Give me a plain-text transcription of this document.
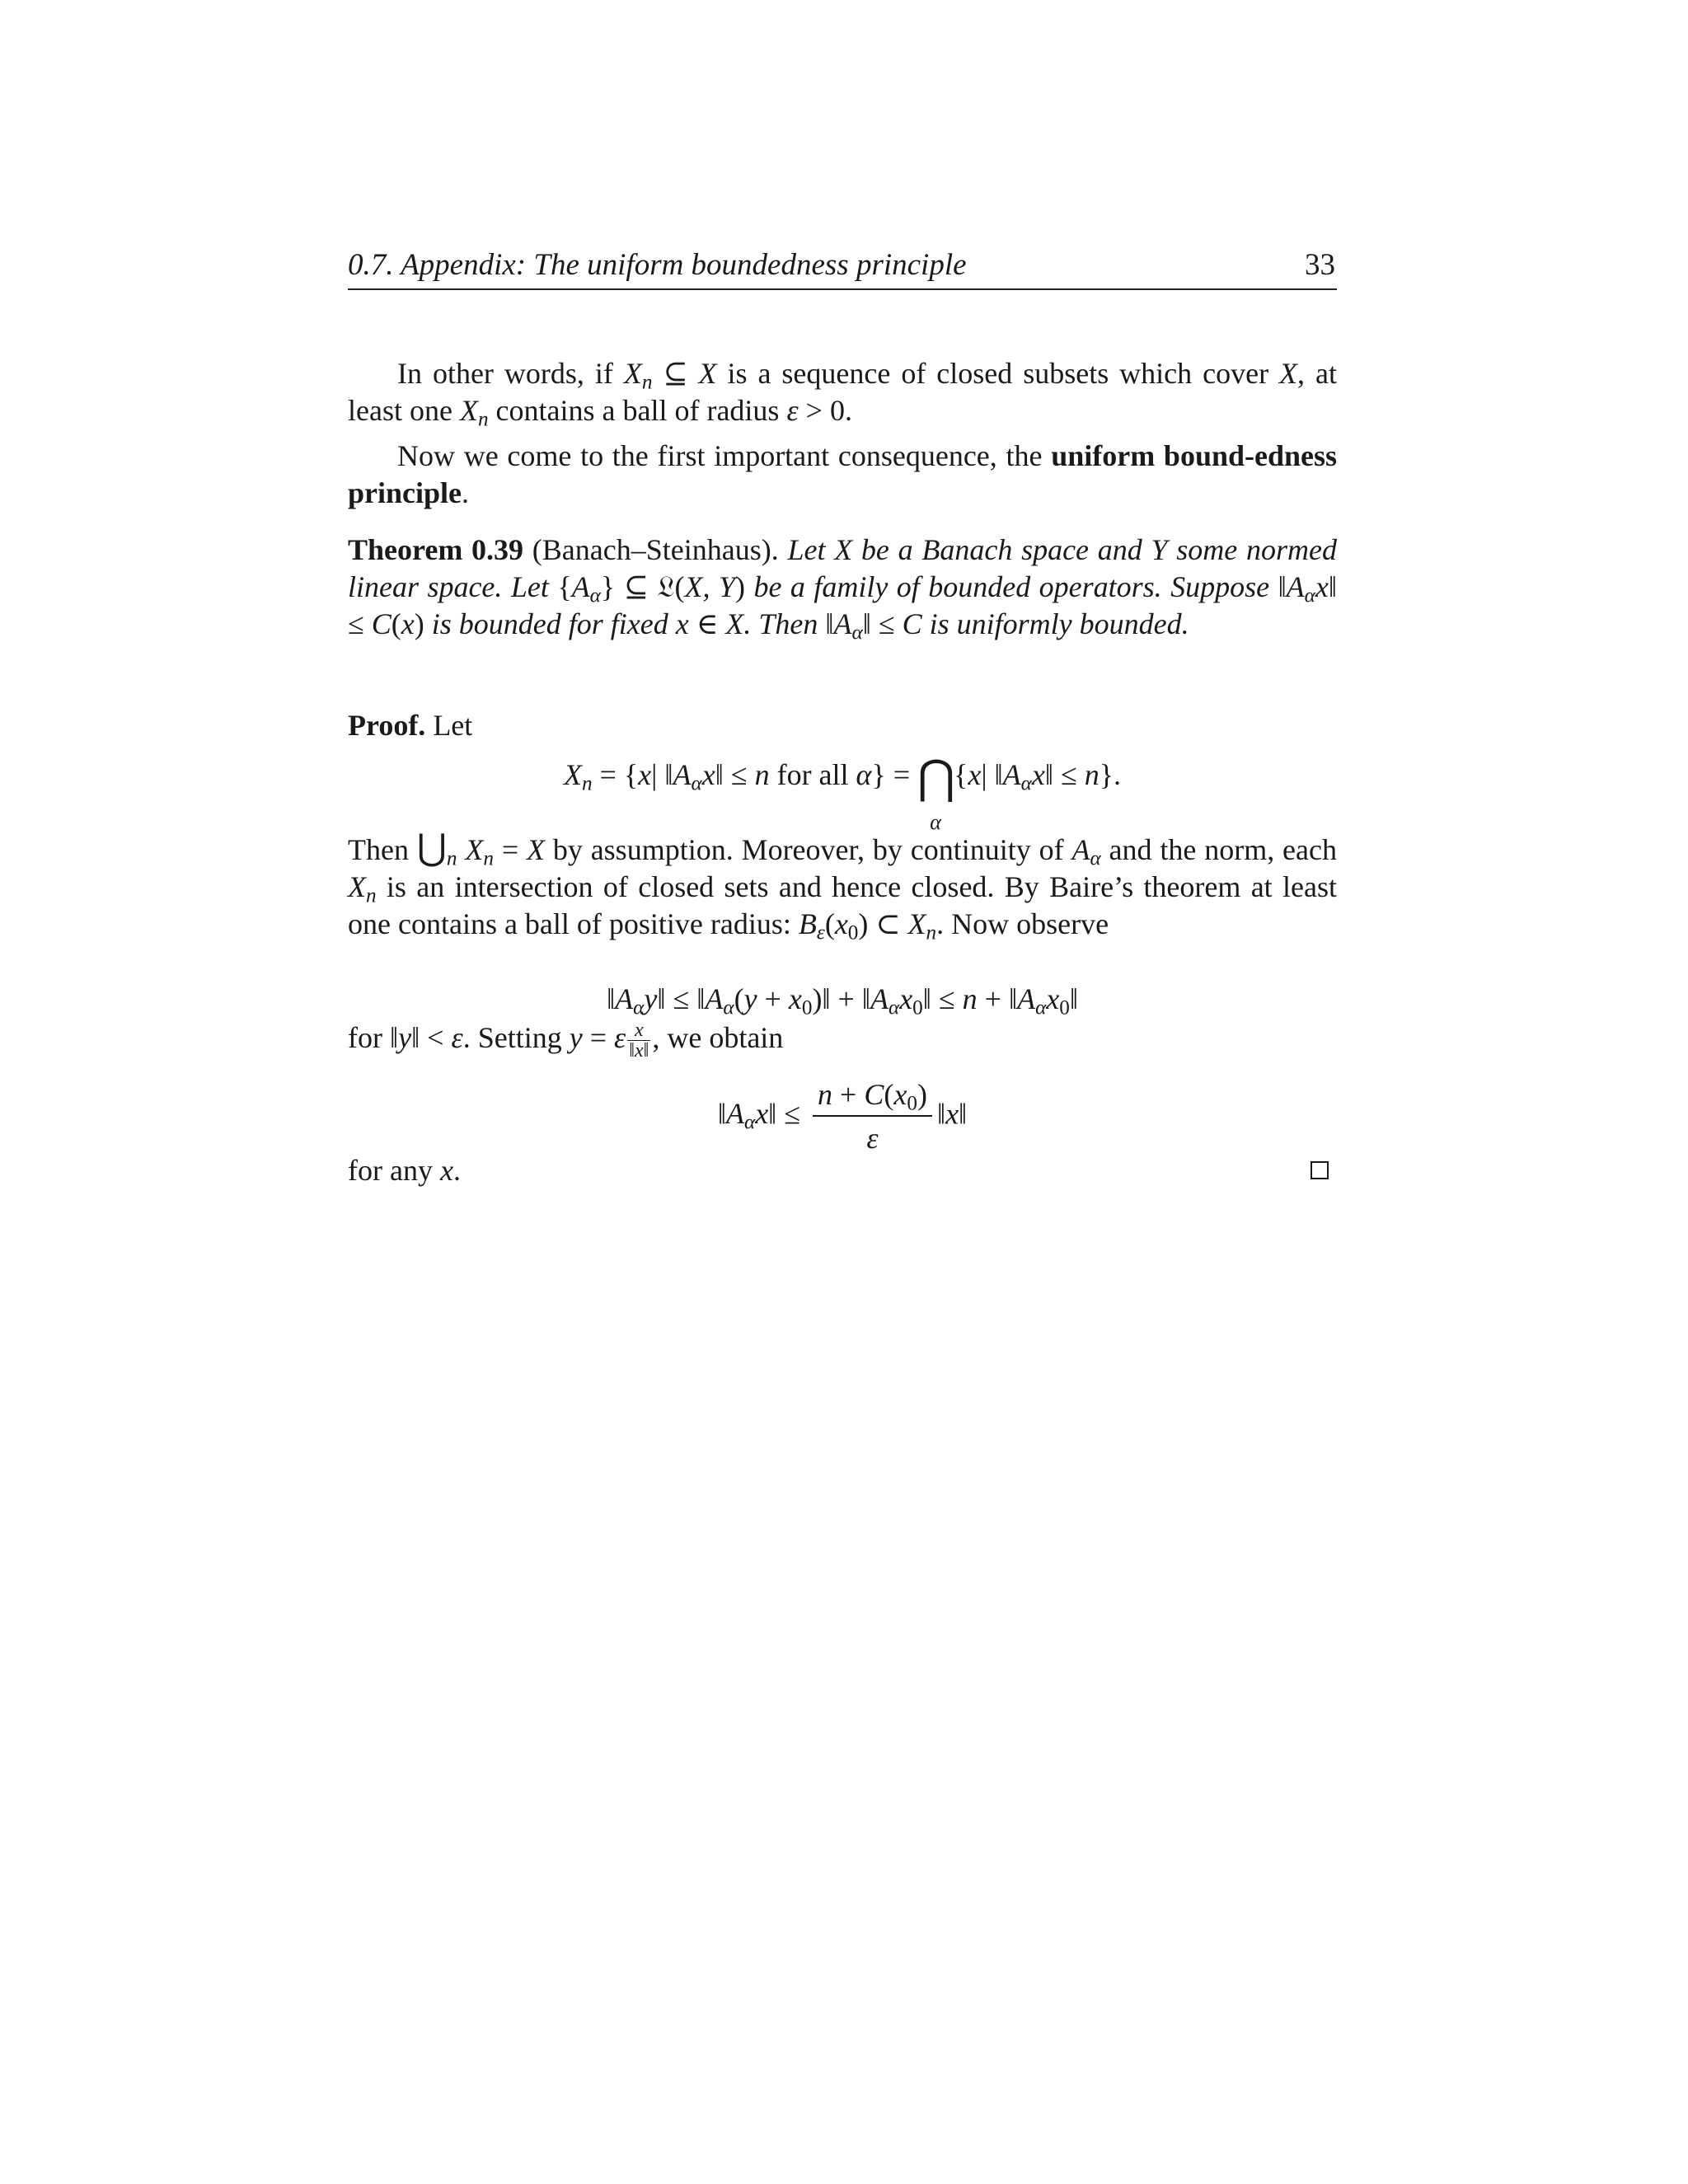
0.7. Appendix: The uniform boundedness principle	33

In other words, if $X_n$ ⊆ X is a sequence of closed subsets which cover X, at least one $X_n$ contains a ball of radius ε > 0.

Now we come to the first important consequence, the uniform bound-edness principle.

Theorem 0.39 (Banach–Steinhaus). Let X be a Banach space and Y some normed linear space. Let $\{A_\alpha\}$ ⊆ 𝔏(X, Y) be a family of bounded operators. Suppose $‖A_\alpha x‖ \le C(x)$ is bounded for fixed x ∈ X. Then $‖A_\alpha‖ \le C$ is uniformly bounded.

Proof. Let

$X_n = \{x|$ $‖A_\alpha x‖ \le n$ for all α} = ⋂
α
{x| $‖A_\alpha x‖ \le n$}.

Then $⋃_n$ $X_n = X$ by assumption. Moreover, by continuity of $A_\alpha$ and the norm, each $X_n$ is an intersection of closed sets and hence closed. By Baire’s theorem at least one contains a ball of positive radius: $B_\varepsilon(x_0)$ ⊂ $X_n$. Now observe

$‖A_\alpha y‖$ ≤ $‖A_\alpha(y$ + $x_0)‖$ + $‖A_\alpha x_0‖ \le n$ + $‖A_\alpha x_0‖$

for ‖y‖ < ε. Setting y = ε $\frac{x}{‖x‖}$ , we obtain

$‖A_\alpha x‖ \le \frac{n + C(x_0)}{\varepsilon}$ ‖x‖

for any x.
